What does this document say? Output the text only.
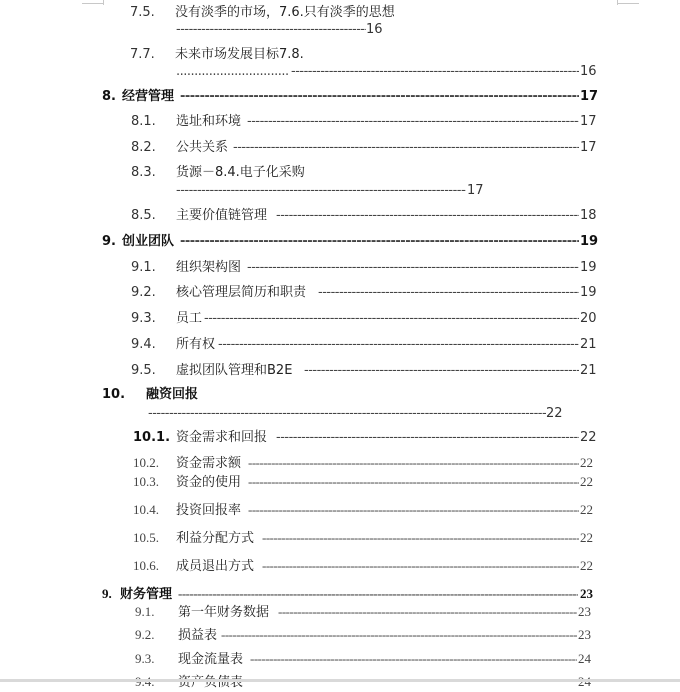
7.5. 没有淡季的市场，7.6.只有淡季的思想
-----
16
7.7. 未来市场发展目标7.8.
.....
-----
16
8. 经营管理 -----	17
8.1. 选址和环境 -----	17
8.2. 公共关系 -----	17
8.3. 货源－8.4.电子化采购
-----
17
8.5. 主要价值链管理 -----	18
9. 创业团队 -----	19
9.1. 组织架构图 -----	19
9.2. 核心管理层简历和职责 -----	19
9.3. 员工 -----	20
9.4. 所有权 -----	21
9.5. 虚拟团队管理和B2E -----	21
10. 融资回报
-----
22
10.1. 资金需求和回报 -----	22
10.2. 资金需求额 -----	22
10.3. 资金的使用 -----	22
10.4. 投资回报率 -----	22
10.5. 利益分配方式 -----	22
10.6. 成员退出方式 -----	22
9. 财务管理 -----	23
9.1. 第一年财务数据 -----	23
9.2. 损益表 -----	23
9.3. 现金流量表 -----	24
